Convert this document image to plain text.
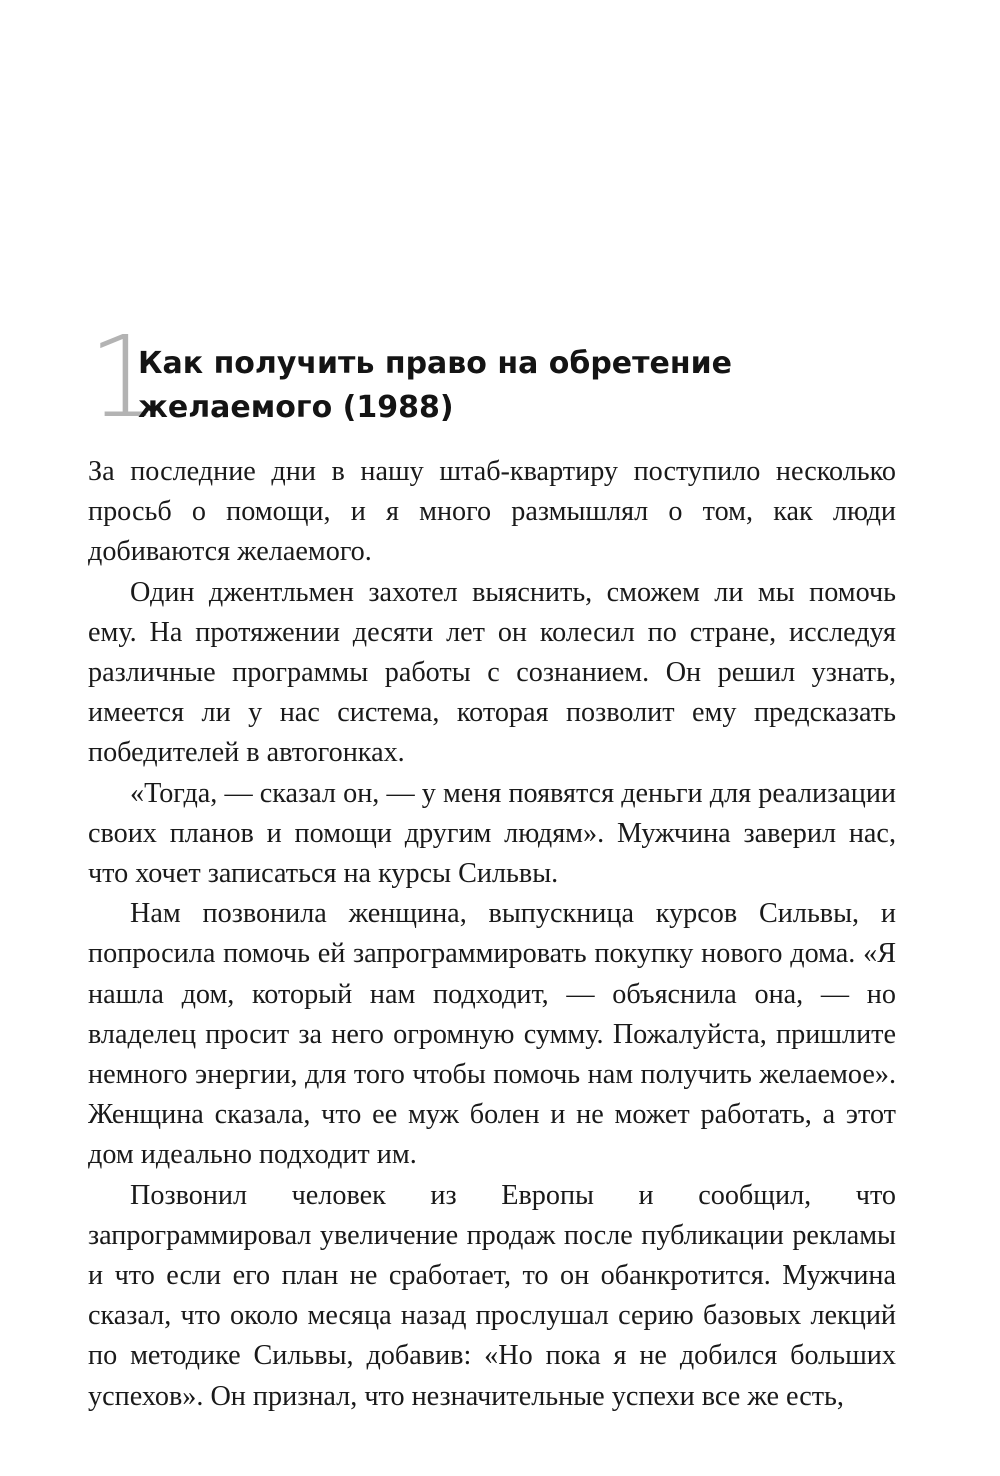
1
Как получить право на обретение желаемого (1988)

За последние дни в нашу штаб-квартиру поступило несколько просьб о помощи, и я много размышлял о том, как люди добиваются желаемого.

Один джентльмен захотел выяснить, сможем ли мы помочь ему. На протяжении десяти лет он колесил по стране, исследуя различные программы работы с сознанием. Он решил узнать, имеется ли у нас система, которая позволит ему предсказать победителей в автогонках.

«Тогда, — сказал он, — у меня появятся деньги для реализации своих планов и помощи другим людям». Мужчина заверил нас, что хочет записаться на курсы Сильвы.

Нам позвонила женщина, выпускница курсов Сильвы, и попросила помочь ей запрограммировать покупку нового дома. «Я нашла дом, который нам подходит, — объяснила она, — но владелец просит за него огромную сумму. Пожалуйста, пришлите немного энергии, для того чтобы помочь нам получить желаемое». Женщина сказала, что ее муж болен и не может работать, а этот дом идеально подходит им.

Позвонил человек из Европы и сообщил, что запрограммировал увеличение продаж после публикации рекламы и что если его план не сработает, то он обанкротится. Мужчина сказал, что около месяца назад прослушал серию базовых лекций по методике Сильвы, добавив: «Но пока я не добился больших успехов». Он признал, что незначительные успехи все же есть,
